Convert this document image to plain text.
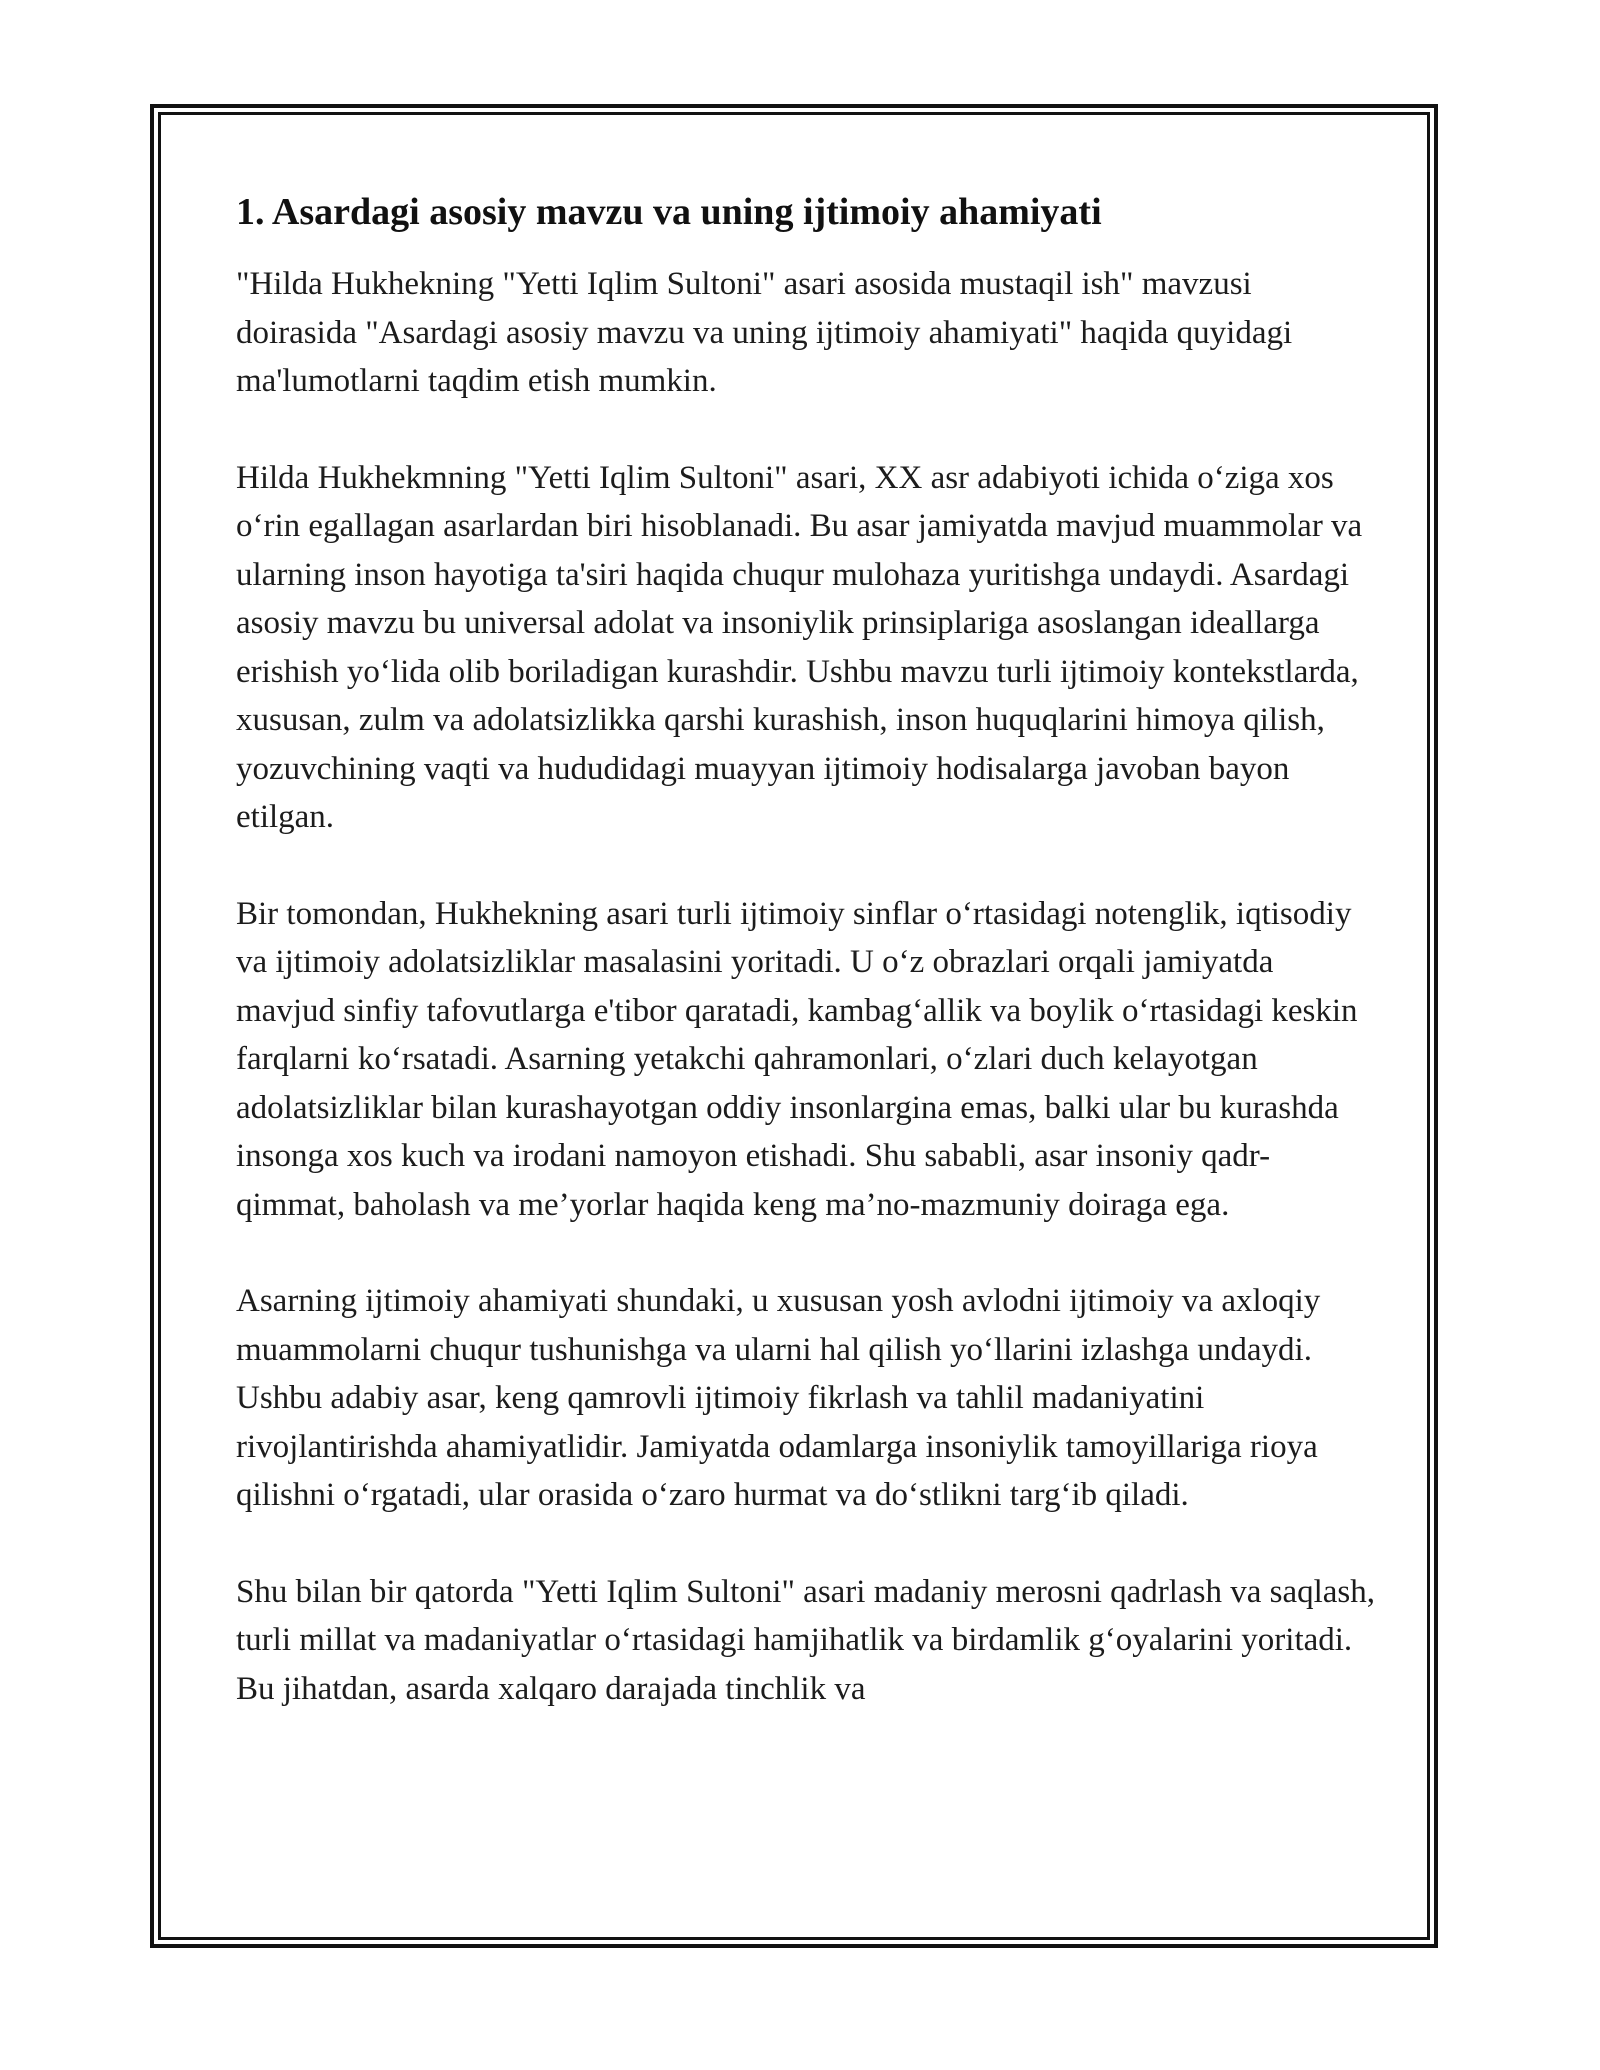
1. Asardagi asosiy mavzu va uning ijtimoiy ahamiyati

"Hilda Hukhekning "Yetti Iqlim Sultoni" asari asosida mustaqil ish" mavzusi doirasida "Asardagi asosiy mavzu va uning ijtimoiy ahamiyati" haqida quyidagi ma'lumotlarni taqdim etish mumkin.

Hilda Hukhekmning "Yetti Iqlim Sultoni" asari, XX asr adabiyoti ichida o‘ziga xos o‘rin egallagan asarlardan biri hisoblanadi. Bu asar jamiyatda mavjud muammolar va ularning inson hayotiga ta'siri haqida chuqur mulohaza yuritishga undaydi. Asardagi asosiy mavzu bu universal adolat va insoniylik prinsiplariga asoslangan ideallarga erishish yo‘lida olib boriladigan kurashdir. Ushbu mavzu turli ijtimoiy kontekstlarda, xususan, zulm va adolatsizlikka qarshi kurashish, inson huquqlarini himoya qilish, yozuvchining vaqti va hududidagi muayyan ijtimoiy hodisalarga javoban bayon etilgan.

Bir tomondan, Hukhekning asari turli ijtimoiy sinflar o‘rtasidagi notenglik, iqtisodiy va ijtimoiy adolatsizliklar masalasini yoritadi. U o‘z obrazlari orqali jamiyatda mavjud sinfiy tafovutlarga e'tibor qaratadi, kambag‘allik va boylik o‘rtasidagi keskin farqlarni ko‘rsatadi. Asarning yetakchi qahramonlari, o‘zlari duch kelayotgan adolatsizliklar bilan kurashayotgan oddiy insonlargina emas, balki ular bu kurashda insonga xos kuch va irodani namoyon etishadi. Shu sababli, asar insoniy qadr-qimmat, baholash va me’yorlar haqida keng ma’no-mazmuniy doiraga ega.

Asarning ijtimoiy ahamiyati shundaki, u xususan yosh avlodni ijtimoiy va axloqiy muammolarni chuqur tushunishga va ularni hal qilish yo‘llarini izlashga undaydi. Ushbu adabiy asar, keng qamrovli ijtimoiy fikrlash va tahlil madaniyatini rivojlantirishda ahamiyatlidir. Jamiyatda odamlarga insoniylik tamoyillariga rioya qilishni o‘rgatadi, ular orasida o‘zaro hurmat va do‘stlikni targ‘ib qiladi.

Shu bilan bir qatorda "Yetti Iqlim Sultoni" asari madaniy merosni qadrlash va saqlash, turli millat va madaniyatlar o‘rtasidagi hamjihatlik va birdamlik g‘oyalarini yoritadi. Bu jihatdan, asarda xalqaro darajada tinchlik va
